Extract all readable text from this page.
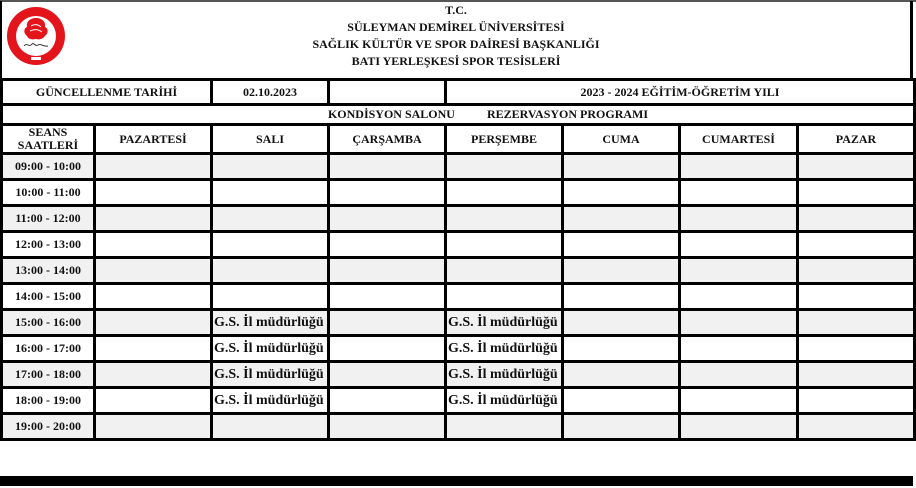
T.C.
SÜLEYMAN DEMİREL ÜNİVERSİTESİ
SAĞLIK KÜLTÜR VE SPOR DAİRESİ BAŞKANLIĞI
BATI YERLEŞKESİ SPOR TESİSLERİ
GÜNCELLENME TARİHİ		02.10.2023		2023 - 2024 EĞİTİM-ÖĞRETİM YILI			
KONDİSYON SALONU REZERVASYON PROGRAMI							

SEANS
SAATLERİ	PAZARTESİ	SALI	ÇARŞAMBA	PERŞEMBE	CUMA	CUMARTESİ	PAZAR
09:00 - 10:00							
10:00 - 11:00							
11:00 - 12:00							
12:00 - 13:00							
13:00 - 14:00							
14:00 - 15:00							
15:00 - 16:00		G.S. İl müdürlüğü		G.S. İl müdürlüğü			
16:00 - 17:00		G.S. İl müdürlüğü		G.S. İl müdürlüğü			
17:00 - 18:00		G.S. İl müdürlüğü		G.S. İl müdürlüğü			
18:00 - 19:00		G.S. İl müdürlüğü		G.S. İl müdürlüğü			
19:00 - 20:00							
